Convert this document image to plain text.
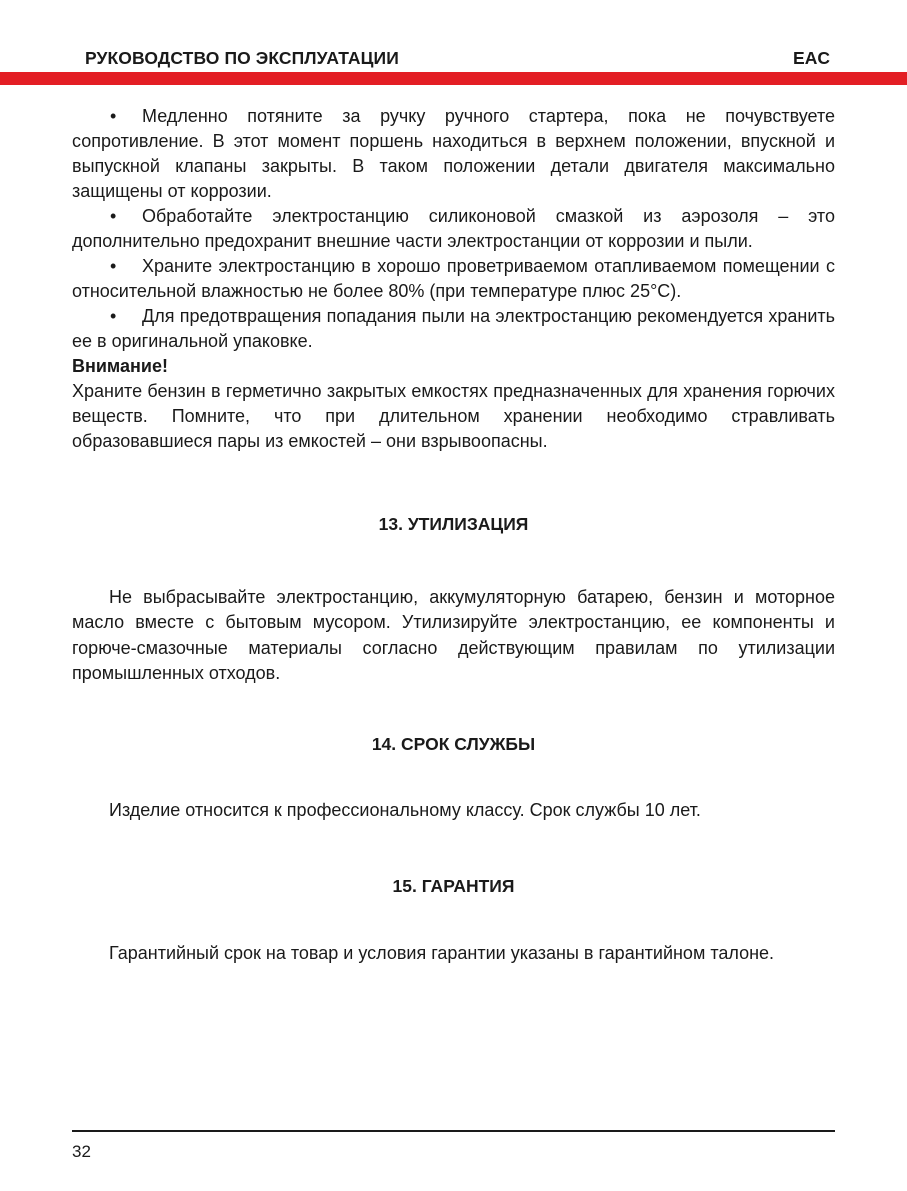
РУКОВОДСТВО ПО ЭКСПЛУАТАЦИИ	EAC

• Медленно потяните за ручку ручного стартера, пока не почувствуете сопротивление. В этот момент поршень находиться в верхнем положении, впускной и выпускной клапаны закрыты. В таком положении детали двигателя максимально защищены от коррозии.

• Обработайте электростанцию силиконовой смазкой из аэрозоля – это дополнительно предохранит внешние части электростанции от коррозии и пыли.

• Храните электростанцию в хорошо проветриваемом отапливаемом помещении с относительной влажностью не более 80% (при температуре плюс 25°C).

• Для предотвращения попадания пыли на электростанцию рекомендуется хранить ее в оригинальной упаковке.

Внимание!

Храните бензин в герметично закрытых емкостях предназначенных для хранения горючих веществ. Помните, что при длительном хранении необходимо стравливать образовавшиеся пары из емкостей – они взрывоопасны.

13. УТИЛИЗАЦИЯ

Не выбрасывайте электростанцию, аккумуляторную батарею, бензин и моторное масло вместе с бытовым мусором. Утилизируйте электростанцию, ее компоненты и горюче-смазочные материалы согласно действующим правилам по утилизации промышленных отходов.

14. СРОК СЛУЖБЫ

Изделие относится к профессиональному классу. Срок службы 10 лет.

15. ГАРАНТИЯ

Гарантийный срок на товар и условия гарантии указаны в гарантийном талоне.

32
